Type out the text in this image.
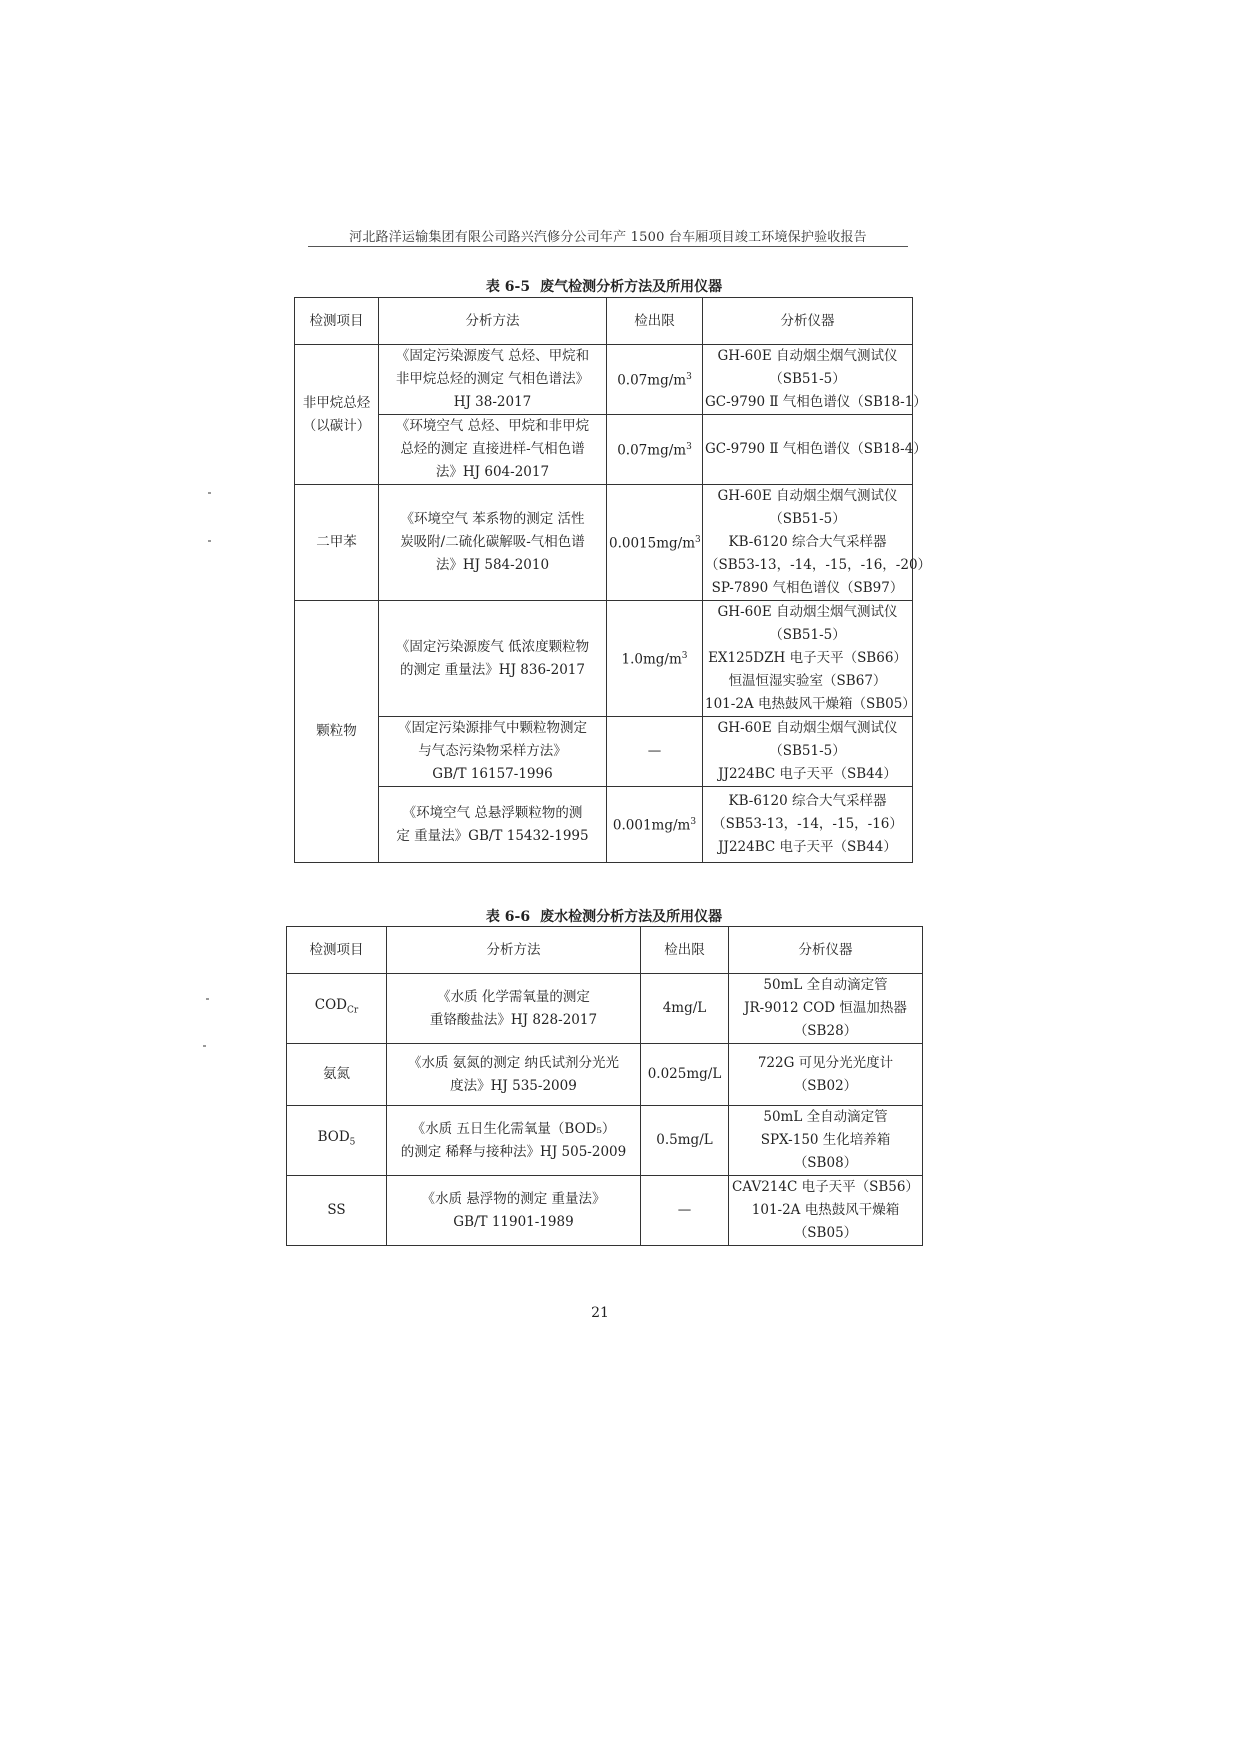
河北路洋运输集团有限公司路兴汽修分公司年产 1500 台车厢项目竣工环境保护验收报告
表 6-5 废气检测分析方法及所用仪器
检测项目	分析方法	检出限	分析仪器

非甲烷总烃
（以碳计）	《固定污染源废气 总烃、甲烷和
非甲烷总烃的测定 气相色谱法》
HJ 38-2017	$0.07mg/m^3$	GH-60E 自动烟尘烟气测试仪
（SB51-5）
GC-9790 Ⅱ 气相色谱仪（SB18-1）

	《环境空气 总烃、甲烷和非甲烷
总烃的测定 直接进样-气相色谱
法》HJ 604-2017	$0.07mg/m^3$	GC-9790 Ⅱ 气相色谱仪（SB18-4）

二甲苯	《环境空气 苯系物的测定 活性
炭吸附/二硫化碳解吸-气相色谱
法》HJ 584-2010	$0.0015mg/m^3$	GH-60E 自动烟尘烟气测试仪
（SB51-5）
KB-6120 综合大气采样器
（SB53-13，-14，-15，-16，-20）
SP-7890 气相色谱仪（SB97）

颗粒物	《固定污染源废气 低浓度颗粒物
的测定 重量法》HJ 836-2017	$1.0mg/m^3$	GH-60E 自动烟尘烟气测试仪
（SB51-5）
EX125DZH 电子天平（SB66）
恒温恒湿实验室（SB67）
101-2A 电热鼓风干燥箱（SB05）

	《固定污染源排气中颗粒物测定
与气态污染物采样方法》
GB/T 16157-1996	—	GH-60E 自动烟尘烟气测试仪
（SB51-5）
JJ224BC 电子天平（SB44）

	《环境空气 总悬浮颗粒物的测
定 重量法》GB/T 15432-1995	$0.001mg/m^3$	KB-6120 综合大气采样器
（SB53-13，-14，-15，-16）
JJ224BC 电子天平（SB44）
表 6-6 废水检测分析方法及所用仪器
检测项目	分析方法	检出限	分析仪器
$COD_{Cr}$	《水质 化学需氧量的测定
重铬酸盐法》HJ 828-2017	4mg/L	50mL 全自动滴定管
JR-9012 COD 恒温加热器
（SB28）

氨氮	《水质 氨氮的测定 纳氏试剂分光光
度法》HJ 535-2009	0.025mg/L	722G 可见分光光度计
（SB02）

$BOD_5$	《水质 五日生化需氧量（BOD₅）
的测定 稀释与接种法》HJ 505-2009	0.5mg/L	50mL 全自动滴定管
SPX-150 生化培养箱
（SB08）

SS	《水质 悬浮物的测定 重量法》
GB/T 11901-1989	—	CAV214C 电子天平（SB56）
101-2A 电热鼓风干燥箱
（SB05）
21
